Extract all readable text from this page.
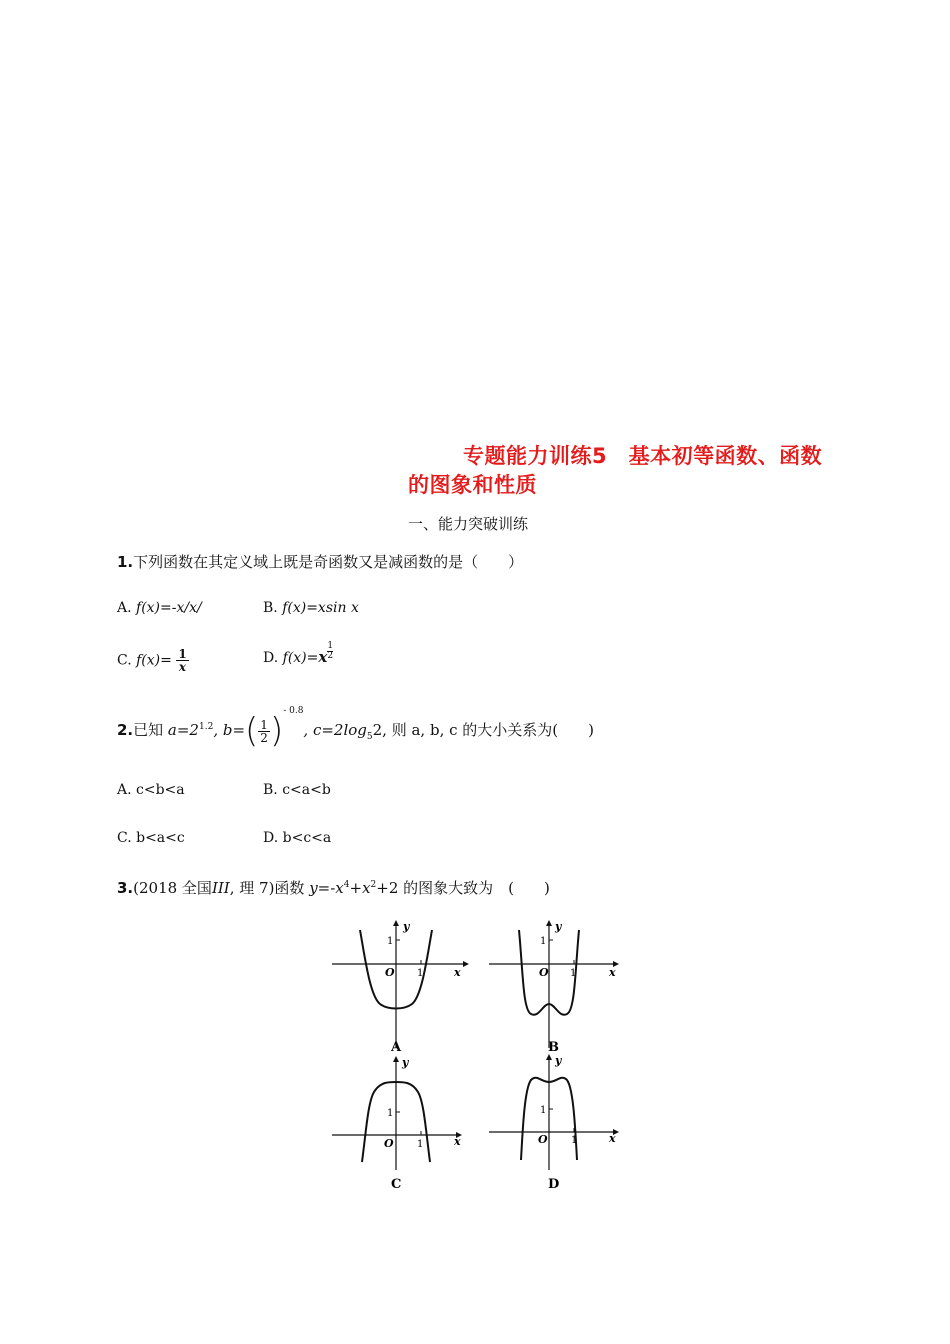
专题能力训练5　基本初等函数、函数
的图象和性质
一、能力突破训练
1.下列函数在其定义域上既是奇函数又是减函数的是（　　）
A. f(x)=-x/x/	B. f(x)=xsin x
C. $f(x)= \frac{1}{x}$	D. $f(x)=x \frac{1}{2}$
2.已知 $a=2^{1.2}$, $b=( \frac{1}{2} )^{- 0.8}$, $c=2\log_52$, 则 a, b, c 的大小关系为(　　)
A. c<b<a	B. c<a<b
C. b<a<c	D. b<c<a
3.(2018 全国III, 理 7)函数 $y=-x^4+x^2+2$ 的图象大致为　(　　)
y
1
O 1	x
A
y
1
O 1	x
B
y
1
O 1	x
C
y
1
O 1	x
D
